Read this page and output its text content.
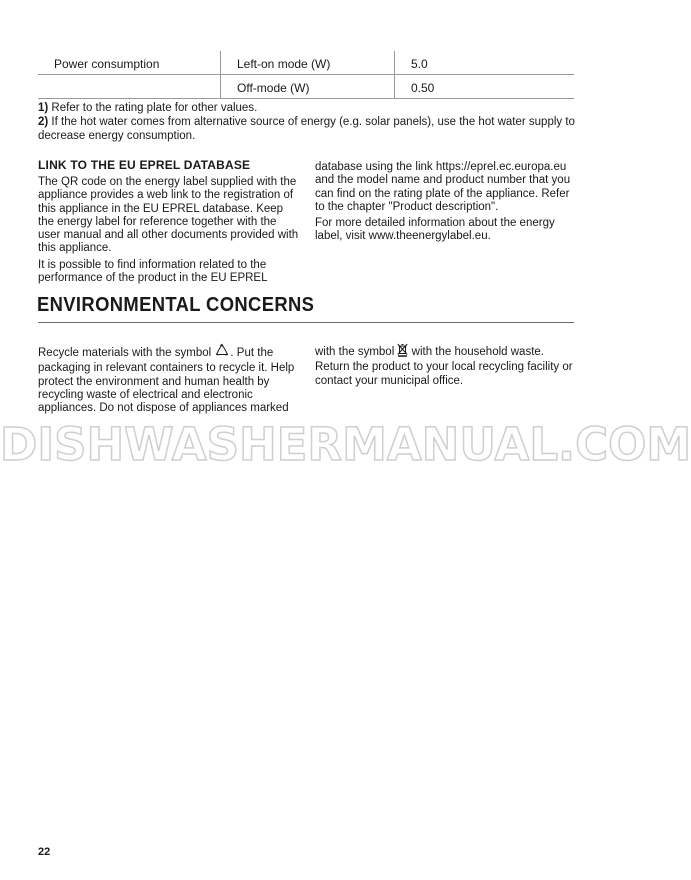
Power consumption	Left-on mode (W)	5.0
Off-mode (W)	0.50
1) Refer to the rating plate for other values.
2) If the hot water comes from alternative source of energy (e.g. solar panels), use the hot water supply to decrease energy consumption.
LINK TO THE EU EPREL DATABASE

The QR code on the energy label supplied with the appliance provides a web link to the registration of this appliance in the EU EPREL database. Keep the energy label for reference together with the user manual and all other documents provided with this appliance.

It is possible to find information related to the performance of the product in the EU EPREL

database using the link https://eprel.ec.europa.eu and the model name and product number that you can find on the rating plate of the appliance. Refer to the chapter "Product description".

For more detailed information about the energy label, visit www.theenergylabel.eu.

ENVIRONMENTAL CONCERNS

Recycle materials with the symbol . Put the packaging in relevant containers to recycle it. Help protect the environment and human health by recycling waste of electrical and electronic appliances. Do not dispose of appliances marked

with the symbol  with the household waste. Return the product to your local recycling facility or contact your municipal office.

DISHWASHERMANUAL.COM
22
